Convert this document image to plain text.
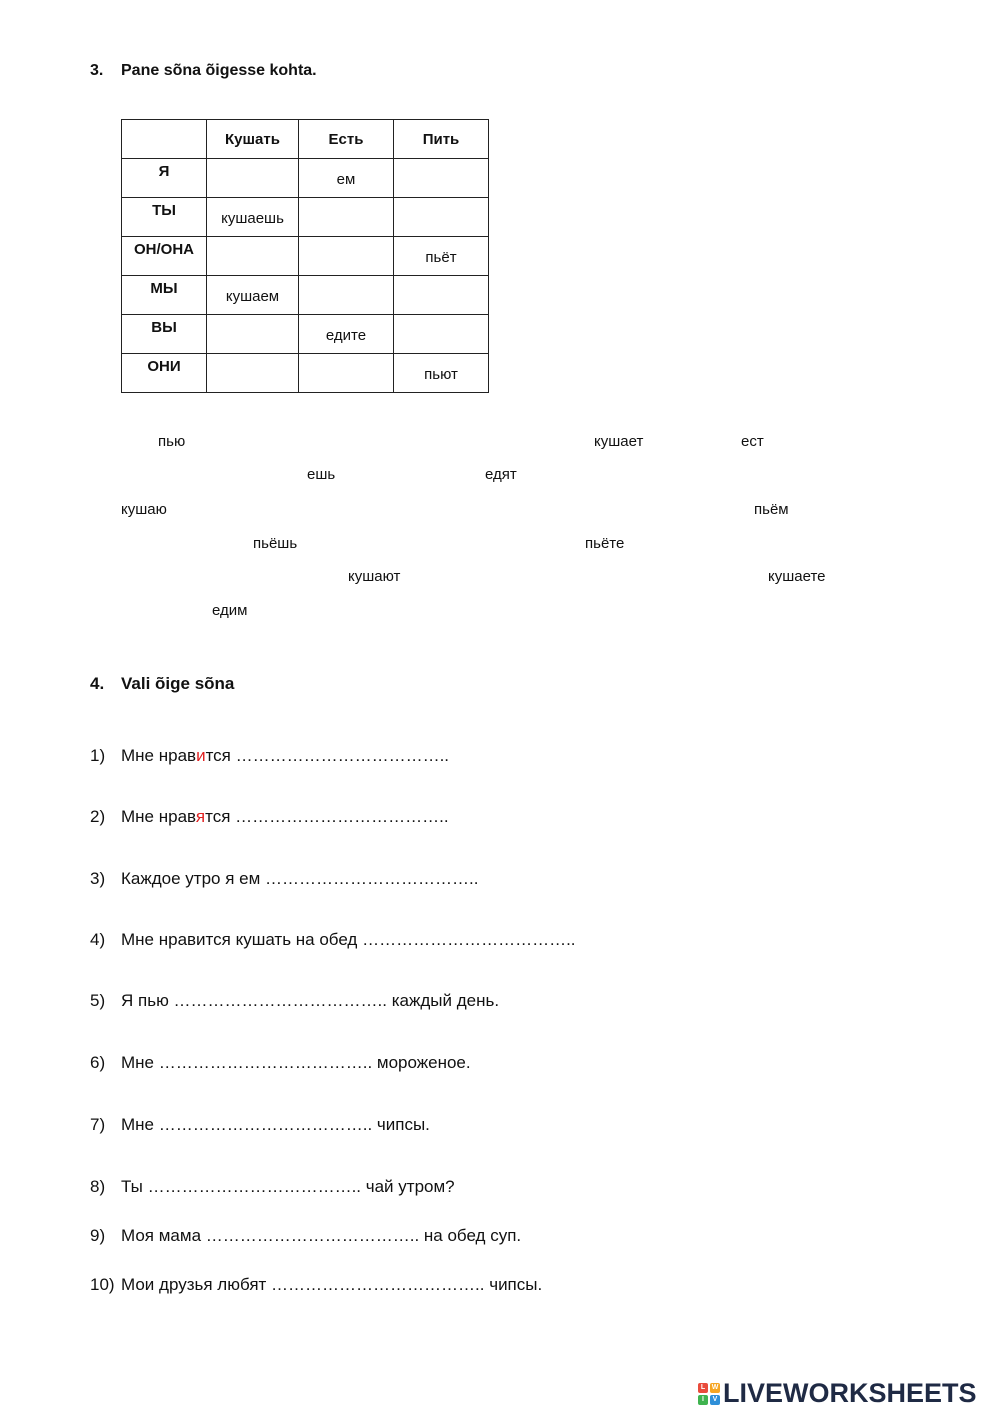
3. Pane sõna õigesse kohta.
	Кушать	Есть	Пить

Я		ем	

ТЫ	кушаешь		

ОН/ОНА			пьёт

МЫ	кушаем		

ВЫ		едите	

ОНИ			пьют
пью	кушает	ест
ешь	едят
кушаю	пьём
пьёшь	пьёте
кушают	кушаете
едим
4. Vali õige sõna
1) Мне нравится ………………………………..
2) Мне нравятся ………………………………..
3) Каждое утро я ем ………………………………..
4) Мне нравится кушать на обед ………………………………..
5) Я пью ……………………………….. каждый день.
6) Мне ……………………………….. мороженое.
7) Мне ……………………………….. чипсы.
8) Ты ……………………………….. чай утром?
9) Моя мама ……………………………….. на обед суп.
10) Мои друзья любят ……………………………….. чипсы.
L W
I	V LIVEWORKSHEETS
